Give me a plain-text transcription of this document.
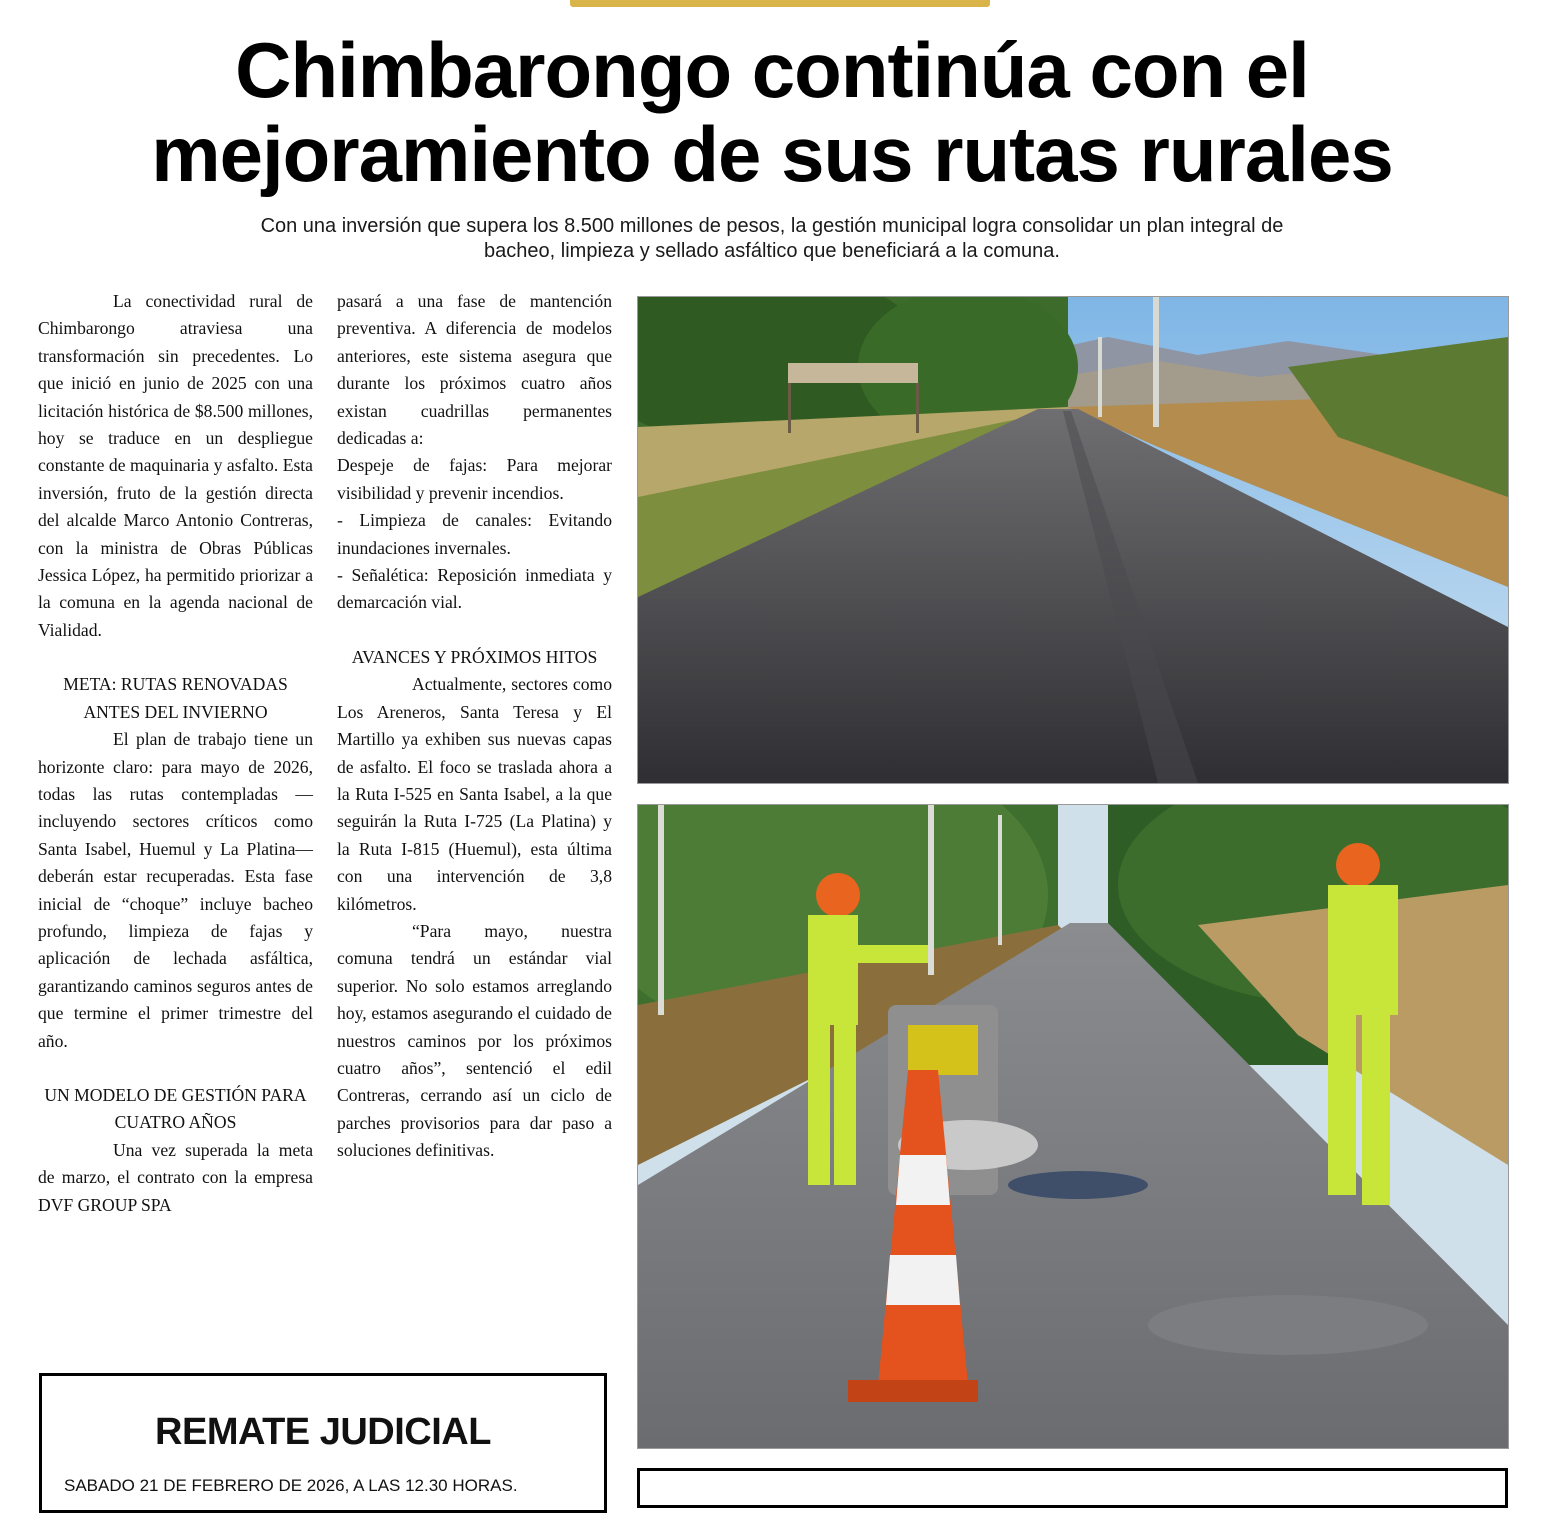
Chimbarongo continúa con el mejoramiento de sus rutas rurales

Con una inversión que supera los 8.500 millones de pesos, la gestión municipal logra consolidar un plan integral de bacheo, limpieza y sellado asfáltico que beneficiará a la comuna.

La conectividad rural de Chimbarongo atraviesa una transformación sin precedentes. Lo que inició en junio de 2025 con una licitación histórica de $8.500 millones, hoy se traduce en un despliegue constante de maquinaria y asfalto. Esta inversión, fruto de la gestión directa del alcalde Marco Antonio Contreras, con la ministra de Obras Públicas Jessica López, ha permitido priorizar a la comuna en la agenda nacional de Vialidad.

META: RUTAS RENOVADAS ANTES DEL INVIERNO

El plan de trabajo tiene un horizonte claro: para mayo de 2026, todas las rutas contempladas —incluyendo sectores críticos como Santa Isabel, Huemul y La Platina— deberán estar recuperadas. Esta fase inicial de “choque” incluye bacheo profundo, limpieza de fajas y aplicación de lechada asfáltica, garantizando caminos seguros antes de que termine el primer trimestre del año.

UN MODELO DE GESTIÓN PARA CUATRO AÑOS

Una vez superada la meta de marzo, el contrato con la empresa DVF GROUP SPA

pasará a una fase de mantención preventiva. A diferencia de modelos anteriores, este sistema asegura que durante los próximos cuatro años existan cuadrillas permanentes dedicadas a:

Despeje de fajas: Para mejorar visibilidad y prevenir incendios.

- Limpieza de canales: Evitando inundaciones invernales.

- Señalética: Reposición inmediata y demarcación vial.

AVANCES Y PRÓXIMOS HITOS

Actualmente, sectores como Los Areneros, Santa Teresa y El Martillo ya exhiben sus nuevas capas de asfalto. El foco se traslada ahora a la Ruta I-525 en Santa Isabel, a la que seguirán la Ruta I-725 (La Platina) y la Ruta I-815 (Huemul), esta última con una intervención de 3,8 kilómetros.

“Para mayo, nuestra comuna tendrá un estándar vial superior. No solo estamos arreglando hoy, estamos asegurando el cuidado de nuestros caminos por los próximos cuatro años”, sentenció el edil Contreras, cerrando así un ciclo de parches provisorios para dar paso a soluciones definitivas.

REMATE JUDICIAL

SABADO 21 DE FEBRERO DE 2026, A LAS 12.30 HORAS.
